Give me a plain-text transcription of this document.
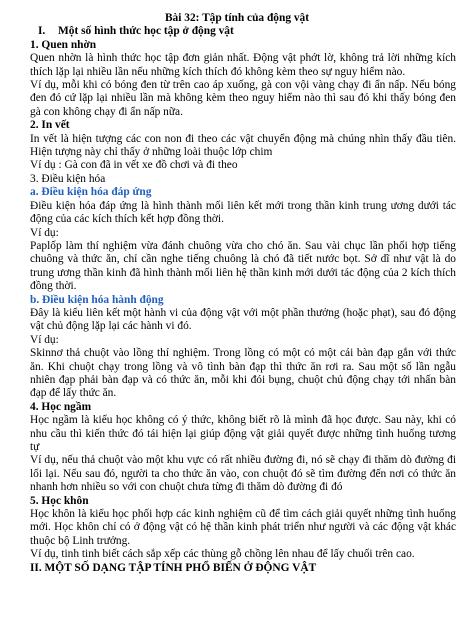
Bài 32: Tập tính của động vật

I. Một số hình thức học tập ở động vật

1. Quen nhờn

Quen nhờn là hình thức học tập đơn giản nhất. Động vật phớt lờ, không trả lời những kích thích lặp lại nhiều lần nếu những kích thích đó không kèm theo sự nguy hiểm nào.

Ví dụ, mỗi khi có bóng đen từ trên cao áp xuống, gà con vội vàng chạy đi ẩn nấp. Nếu bóng đen đó cứ lặp lại nhiều lần mà không kèm theo nguy hiểm nào thì sau đó khi thấy bóng đen gà con không chạy đi ẩn nấp nữa.

2. In vết

In vết là hiện tượng các con non đi theo các vật chuyển động mà chúng nhìn thấy đầu tiên. Hiện tượng này chỉ thấy ở những loài thuộc lớp chim

Ví dụ : Gà con đã in vết xe đồ chơi và đi theo

3. Điều kiện hóa

a. Điều kiện hóa đáp ứng

Điều kiện hóa đáp ứng là hình thành mối liên kết mới trong thần kinh trung ương dưới tác động của các kích thích kết hợp đồng thời.

Ví dụ:

Paplốp làm thí nghiệm vừa đánh chuông vừa cho chó ăn. Sau vài chục lần phối hợp tiếng chuông và thức ăn, chỉ cần nghe tiếng chuông là chó đã tiết nước bọt. Sở dĩ như vật là do trung ương thần kinh đã hình thành mối liên hệ thần kinh mới dưới tác động của 2 kích thích đồng thời.

b. Điều kiện hóa hành động

Đây là kiểu liên kết một hành vi của động vật với một phần thưởng (hoặc phạt), sau đó động vật chủ động lặp lại các hành vi đó.

Ví dụ:

Skinnơ thả chuột vào lồng thí nghiệm. Trong lồng có một có một cái bàn đạp gắn với thức ăn. Khi chuột chạy trong lồng và vô tình bàn đạp thì thức ăn rơi ra. Sau một số lần ngẫu nhiên đạp phải bàn đạp và có thức ăn, mỗi khi đói bụng, chuột chủ động chạy tới nhấn bàn đạp để lấy thức ăn.

4. Học ngầm

Học ngầm là kiểu học không có ý thức, không biết rõ là mình đã học được. Sau này, khi có nhu cầu thì kiến thức đó tái hiện lại giúp động vật giải quyết được những tình huống tương tự

Ví dụ, nếu thả chuột vào một khu vực có rất nhiều đường đi, nó sẽ chạy đi thăm dò đường đi lối lại. Nếu sau đó, người ta cho thức ăn vào, con chuột đó sẽ tìm đường đến nơi có thức ăn nhanh hơn nhiều so với con chuột chưa từng đi thăm dò đường đi đó

5. Học khôn

Học khôn là kiểu học phối hợp các kinh nghiệm cũ để tìm cách giải quyết những tình huống mới. Học khôn chỉ có ở động vật có hệ thần kinh phát triển như người và các động vật khác thuộc bộ Linh trưởng.

Ví dụ, tinh tinh biết cách sắp xếp các thùng gỗ chồng lên nhau để lấy chuối trên cao.

II. MỘT SỐ DẠNG TẬP TÍNH PHỔ BIẾN Ở ĐỘNG VẬT
